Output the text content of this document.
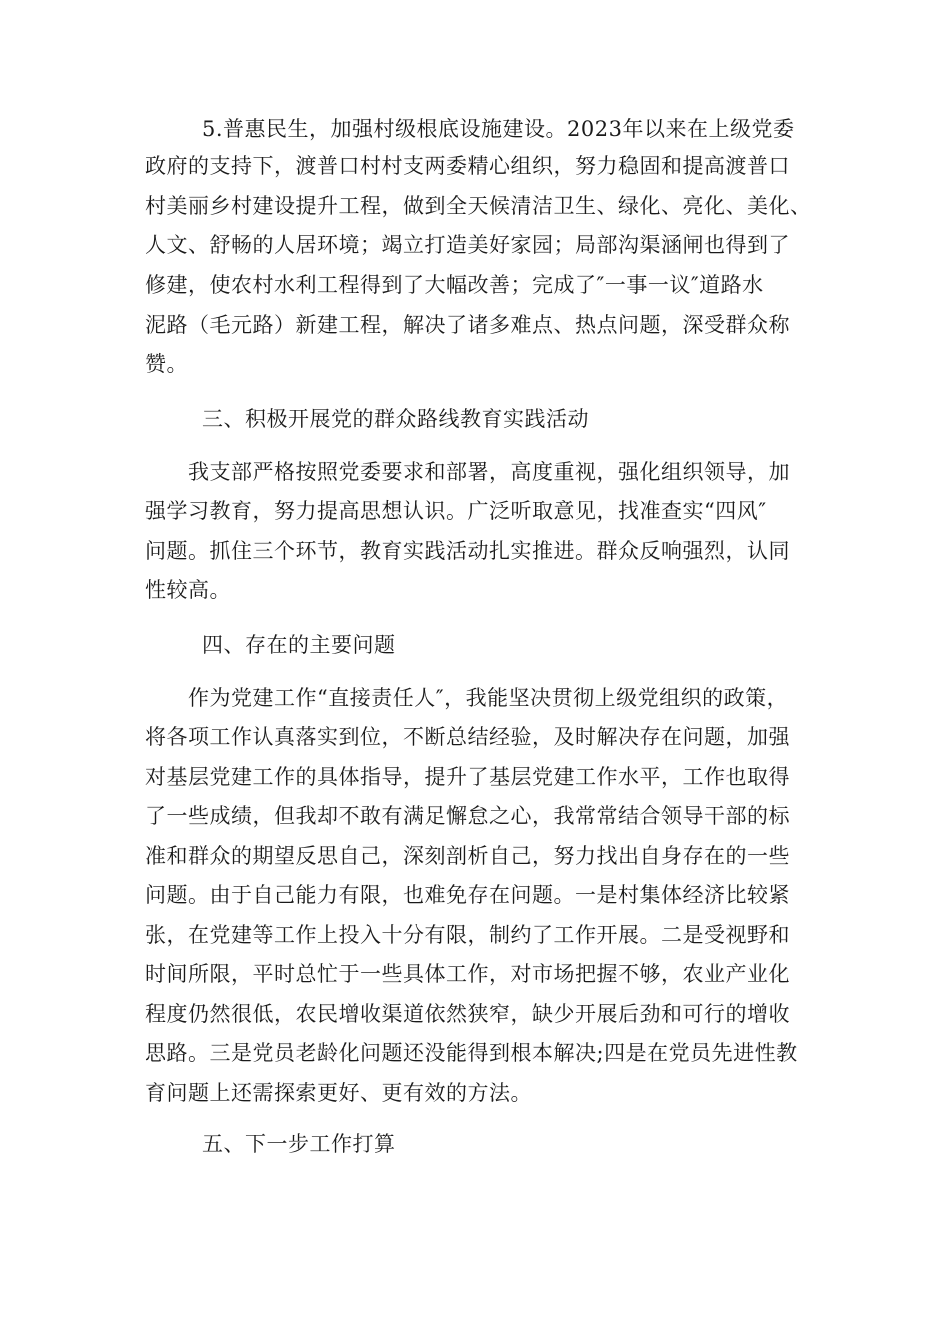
5.普惠民生，加强村级根底设施建设。2023年以来在上级党委

政府的支持下，渡普口村村支两委精心组织，努力稳固和提高渡普口

村美丽乡村建设提升工程，做到全天候清洁卫生、绿化、亮化、美化、

人文、舒畅的人居环境；竭立打造美好家园；局部沟渠涵闸也得到了

修建，使农村水利工程得到了大幅改善；完成了″一事一议″道路水

泥路（毛元路）新建工程，解决了诸多难点、热点问题，深受群众称

赞。

三、积极开展党的群众路线教育实践活动

我支部严格按照党委要求和部署，高度重视，强化组织领导，加

强学习教育，努力提高思想认识。广泛听取意见，找准查实“四风″

问题。抓住三个环节，教育实践活动扎实推进。群众反响强烈，认同

性较高。

四、存在的主要问题

作为党建工作“直接责任人″，我能坚决贯彻上级党组织的政策，

将各项工作认真落实到位，不断总结经验，及时解决存在问题，加强

对基层党建工作的具体指导，提升了基层党建工作水平，工作也取得

了一些成绩，但我却不敢有满足懈怠之心，我常常结合领导干部的标

准和群众的期望反思自己，深刻剖析自己，努力找出自身存在的一些

问题。由于自己能力有限，也难免存在问题。一是村集体经济比较紧

张，在党建等工作上投入十分有限，制约了工作开展。二是受视野和

时间所限，平时总忙于一些具体工作，对市场把握不够，农业产业化

程度仍然很低，农民增收渠道依然狭窄，缺少开展后劲和可行的增收

思路。三是党员老龄化问题还没能得到根本解决;四是在党员先进性教

育问题上还需探索更好、更有效的方法。

五、下一步工作打算
